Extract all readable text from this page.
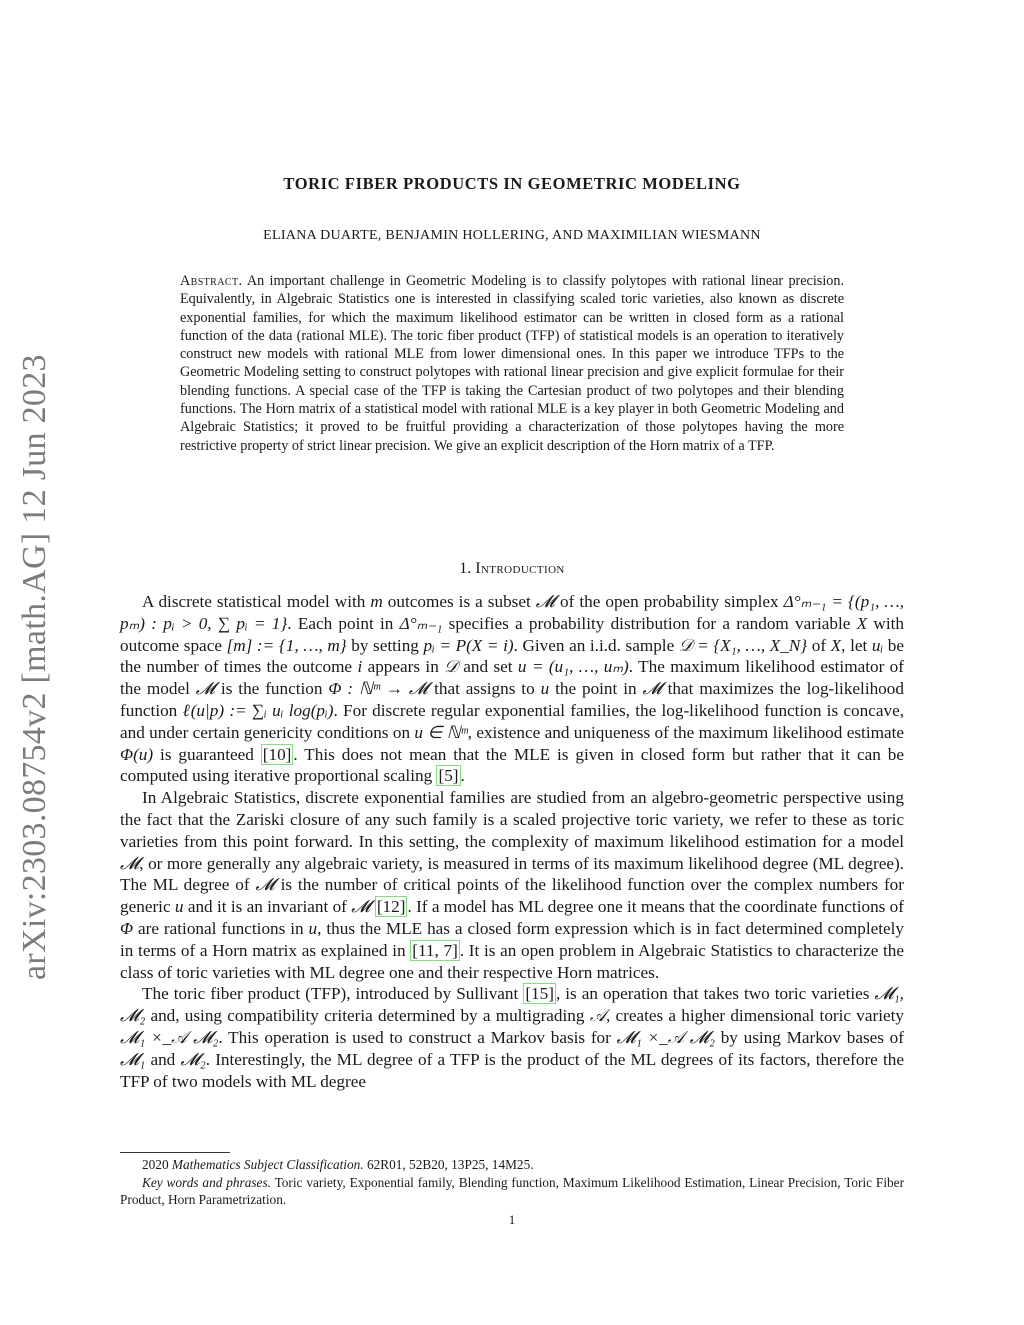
arXiv:2303.08754v2 [math.AG] 12 Jun 2023
TORIC FIBER PRODUCTS IN GEOMETRIC MODELING
ELIANA DUARTE, BENJAMIN HOLLERING, AND MAXIMILIAN WIESMANN
Abstract. An important challenge in Geometric Modeling is to classify polytopes with rational linear precision. Equivalently, in Algebraic Statistics one is interested in classifying scaled toric varieties, also known as discrete exponential families, for which the maximum likelihood estimator can be written in closed form as a rational function of the data (rational MLE). The toric fiber product (TFP) of statistical models is an operation to iteratively construct new models with rational MLE from lower dimensional ones. In this paper we introduce TFPs to the Geometric Modeling setting to construct polytopes with rational linear precision and give explicit formulae for their blending functions. A special case of the TFP is taking the Cartesian product of two polytopes and their blending functions. The Horn matrix of a statistical model with rational MLE is a key player in both Geometric Modeling and Algebraic Statistics; it proved to be fruitful providing a characterization of those polytopes having the more restrictive property of strict linear precision. We give an explicit description of the Horn matrix of a TFP.
1. Introduction

A discrete statistical model with m outcomes is a subset 𝓜 of the open probability simplex Δ°ₘ₋₁ = {(p₁, …, pₘ) : pᵢ > 0, ∑ pᵢ = 1}. Each point in Δ°ₘ₋₁ specifies a probability distribution for a random variable X with outcome space [m] := {1, …, m} by setting pᵢ = P(X = i). Given an i.i.d. sample 𝒟 = {X₁, …, X_N} of X, let uᵢ be the number of times the outcome i appears in 𝒟 and set u = (u₁, …, uₘ). The maximum likelihood estimator of the model 𝓜 is the function Φ : ℕᵐ → 𝓜 that assigns to u the point in 𝓜 that maximizes the log-likelihood function ℓ(u|p) := ∑ᵢ uᵢ log(pᵢ). For discrete regular exponential families, the log-likelihood function is concave, and under certain genericity conditions on u ∈ ℕᵐ, existence and uniqueness of the maximum likelihood estimate Φ(u) is guaranteed [10] . This does not mean that the MLE is given in closed form but rather that it can be computed using iterative proportional scaling [5] .

In Algebraic Statistics, discrete exponential families are studied from an algebro-geometric perspective using the fact that the Zariski closure of any such family is a scaled projective toric variety, we refer to these as toric varieties from this point forward. In this setting, the complexity of maximum likelihood estimation for a model 𝓜, or more generally any algebraic variety, is measured in terms of its maximum likelihood degree (ML degree). The ML degree of 𝓜 is the number of critical points of the likelihood function over the complex numbers for generic u and it is an invariant of 𝓜 [12] . If a model has ML degree one it means that the coordinate functions of Φ are rational functions in u, thus the MLE has a closed form expression which is in fact determined completely in terms of a Horn matrix as explained in [11, 7] . It is an open problem in Algebraic Statistics to characterize the class of toric varieties with ML degree one and their respective Horn matrices.

The toric fiber product (TFP), introduced by Sullivant [15] , is an operation that takes two toric varieties 𝓜₁, 𝓜₂ and, using compatibility criteria determined by a multigrading 𝒜, creates a higher dimensional toric variety 𝓜₁ ×_𝒜 𝓜₂. This operation is used to construct a Markov basis for 𝓜₁ ×_𝒜 𝓜₂ by using Markov bases of 𝓜₁ and 𝓜₂. Interestingly, the ML degree of a TFP is the product of the ML degrees of its factors, therefore the TFP of two models with ML degree

2020 Mathematics Subject Classification. 62R01, 52B20, 13P25, 14M25.

Key words and phrases. Toric variety, Exponential family, Blending function, Maximum Likelihood Estimation, Linear Precision, Toric Fiber Product, Horn Parametrization.

1
